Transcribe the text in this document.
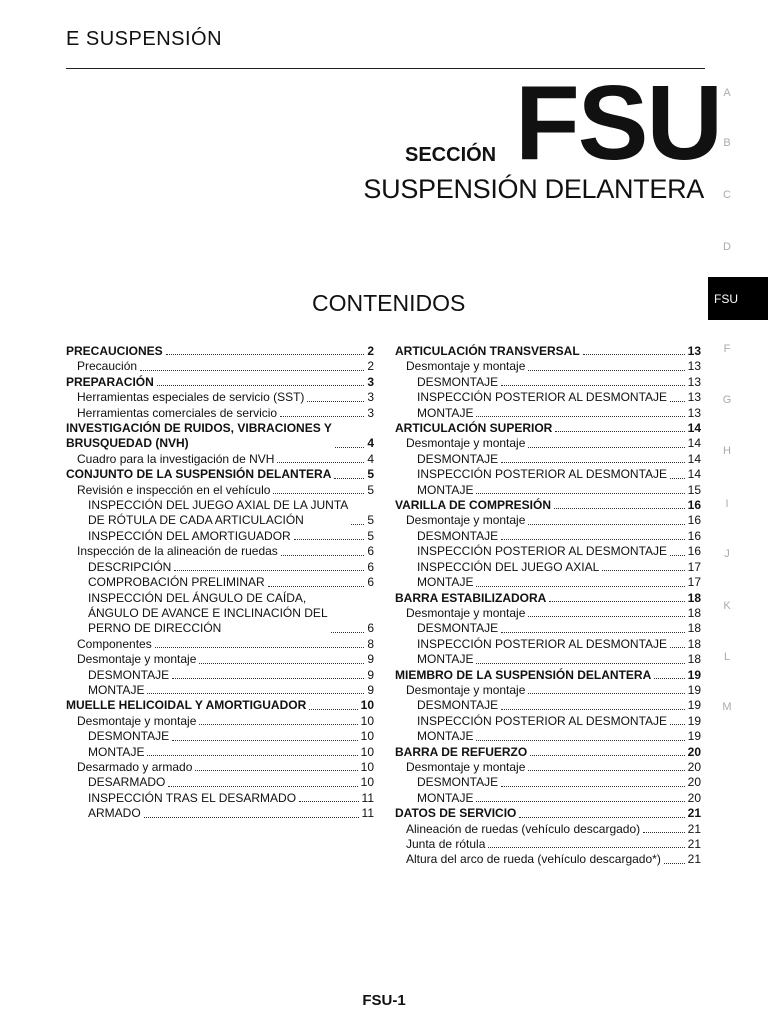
E SUSPENSIÓN
A
B
C
D
FSU
F
G
H
I
J
K
L
M
FSU
SECCIÓN
SUSPENSIÓN DELANTERA
CONTENIDOS
PRECAUCIONES	2
Precaución	2
PREPARACIÓN	3
Herramientas especiales de servicio (SST)	3
Herramientas comerciales de servicio	3
INVESTIGACIÓN DE RUIDOS, VIBRACIONES Y
BRUSQUEDAD (NVH)	4
Cuadro para la investigación de NVH	4
CONJUNTO DE LA SUSPENSIÓN DELANTERA	5
Revisión e inspección en el vehículo	5
INSPECCIÓN DEL JUEGO AXIAL DE LA JUNTA
DE RÓTULA DE CADA ARTICULACIÓN	5
INSPECCIÓN DEL AMORTIGUADOR	5
Inspección de la alineación de ruedas	6
DESCRIPCIÓN	6
COMPROBACIÓN PRELIMINAR	6
INSPECCIÓN DEL ÁNGULO DE CAÍDA,
ÁNGULO DE AVANCE E INCLINACIÓN DEL
PERNO DE DIRECCIÓN	6
Componentes	8
Desmontaje y montaje	9
DESMONTAJE	9
MONTAJE	9
MUELLE HELICOIDAL Y AMORTIGUADOR	10
Desmontaje y montaje	10
DESMONTAJE	10
MONTAJE	10
Desarmado y armado	10
DESARMADO	10
INSPECCIÓN TRAS EL DESARMADO	11
ARMADO	11
ARTICULACIÓN TRANSVERSAL	13
Desmontaje y montaje	13
DESMONTAJE	13
INSPECCIÓN POSTERIOR AL DESMONTAJE 13
MONTAJE	13
ARTICULACIÓN SUPERIOR	14
Desmontaje y montaje	14
DESMONTAJE	14
INSPECCIÓN POSTERIOR AL DESMONTAJE 14
MONTAJE	15
VARILLA DE COMPRESIÓN	16
Desmontaje y montaje	16
DESMONTAJE	16
INSPECCIÓN POSTERIOR AL DESMONTAJE 16
INSPECCIÓN DEL JUEGO AXIAL	17
MONTAJE	17
BARRA ESTABILIZADORA	18
Desmontaje y montaje	18
DESMONTAJE	18
INSPECCIÓN POSTERIOR AL DESMONTAJE 18
MONTAJE	18
MIEMBRO DE LA SUSPENSIÓN DELANTERA	19
Desmontaje y montaje	19
DESMONTAJE	19
INSPECCIÓN POSTERIOR AL DESMONTAJE 19
MONTAJE	19
BARRA DE REFUERZO	20
Desmontaje y montaje	20
DESMONTAJE	20
MONTAJE	20
DATOS DE SERVICIO	21
Alineación de ruedas (vehículo descargado)	21
Junta de rótula	21
Altura del arco de rueda (vehículo descargado*) 21
FSU-1
